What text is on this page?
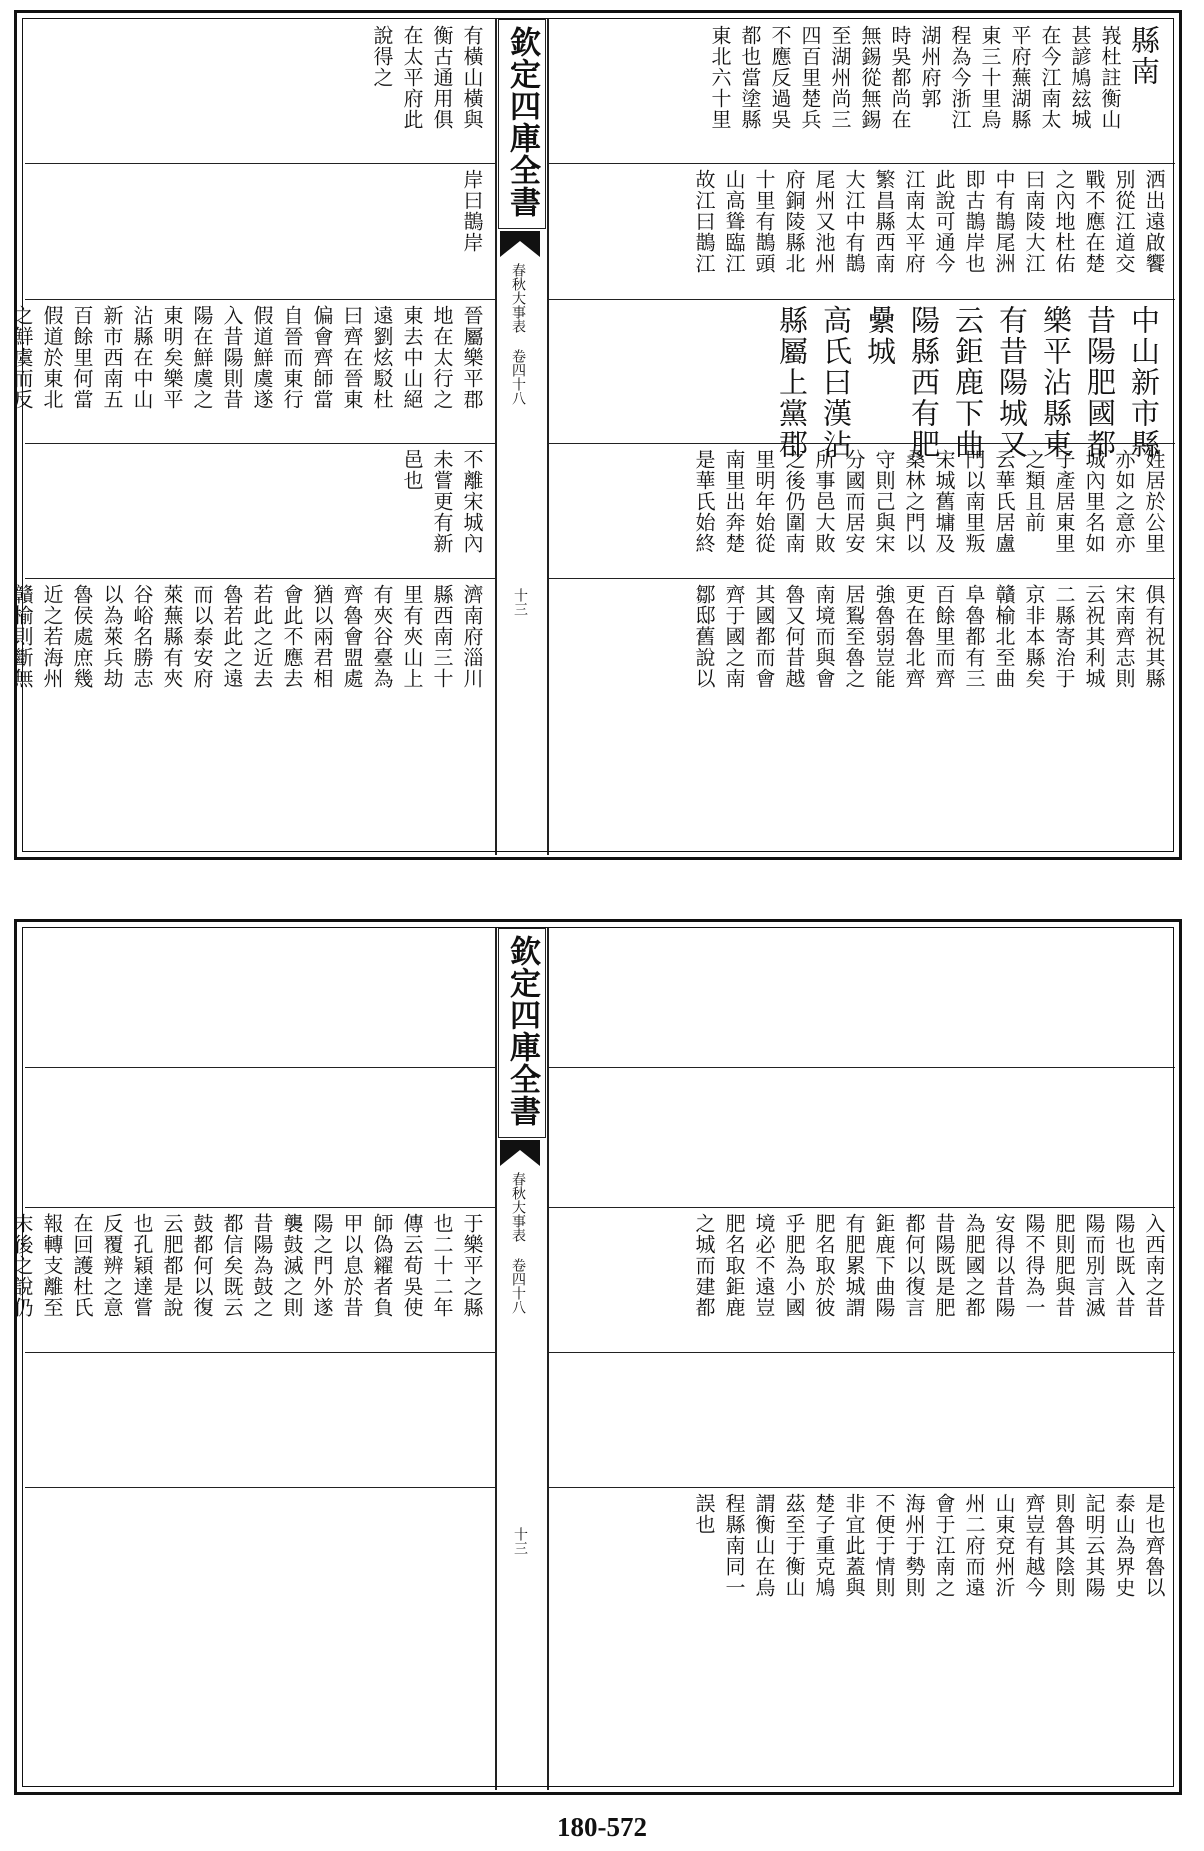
欽定四庫全書
春秋大事表 卷四十八
十三
縣南
峩杜註衡山
甚諺鳩玆城
在今江南太
平府蕪湖縣
東三十里烏
程為今浙江
湖州府郭
時吳都尚在
無錫從無錫
至湖州尚三
四百里楚兵
不應反過吳
都也當塗縣
東北六十里
洒出遠啟饗
別從江道交
戰不應在楚
之內地杜佑
曰南陵大江
中有鵲尾洲
即古鵲岸也
此說可通今
江南太平府
繁昌縣西南
大江中有鵲
尾州又池州
府銅陵縣北
十里有鵲頭
山高聳臨江
故江曰鵲江
中山新市縣
昔陽肥國都
樂平沾縣東
有昔陽城又
云鉅鹿下曲
陽縣西有肥
纍城
高氏曰漢沾
縣屬上黨郡
姓居於公里
亦如之意亦
城內里名如
子產居東里
之類且前
云華氏居盧
門以南里叛
宋城舊墉及
桑林之門以
守則己與宋
分國而居安
所事邑大敗
之後仍圍南
里明年始從
南里出奔楚
是華氏始終
俱有祝其縣
宋南齊志則
云祝其利城
二縣寄治于
京非本縣矣
贛榆北至曲
阜魯都有三
百餘里而齊
更在魯北齊
強魯弱豈能
居鴷至魯之
南境而與會
魯又何昔越
其國都而會
齊于國之南
鄒邸舊說以
有橫山橫與
衡古通用俱
在太平府此
說得之
岸曰鵲岸
晉屬樂平郡
地在太行之
東去中山絕
遠劉炫駁杜
曰齊在晉東
偏會齊師當
自晉而東行
假道鮮虞遂
入昔陽則昔
陽在鮮虞之
東明矣樂平
沾縣在中山
新市西南五
百餘里何當
假道於東北
之鮮虞而反
不離宋城內
未嘗更有新
邑也
濟南府淄川
縣西南三十
里有夾山上
有夾谷臺為
齊魯會盟處
猶以兩君相
會此不應去
若此之近去
魯若此之遠
而以泰安府
萊蕪縣有夾
谷峪名勝志
以為萊兵劫
魯侯處庶幾
近之若海州
贛榆則斷無
欽定四庫全書
春秋大事表 卷四十八
十三
入西南之昔
陽也既入昔
陽而別言滅
肥則肥與昔
陽不得為一
安得以昔陽
為肥國之都
昔陽既是肥
都何以復言
鉅鹿下曲陽
有肥累城謂
肥名取於彼
乎肥為小國
境必不遠豈
肥名取鉅鹿
之城而建都
是也齊魯以
泰山為界史
記明云其陽
則魯其陰則
齊豈有越今
山東兗州沂
州二府而遠
會于江南之
海州于勢則
不便于情則
非宜此蓋與
楚子重克鳩
茲至于衡山
謂衡山在烏
程縣南同一
誤也
于樂平之縣
也二十二年
傳云荀吳使
師偽糴者負
甲以息於昔
陽之門外遂
襲鼓滅之則
昔陽為鼓之
都信矣既云
鼓都何以復
云肥都是說
也孔穎達嘗
反覆辨之意
在回護杜氏
報轉支離至
末後之說仍
180-572
